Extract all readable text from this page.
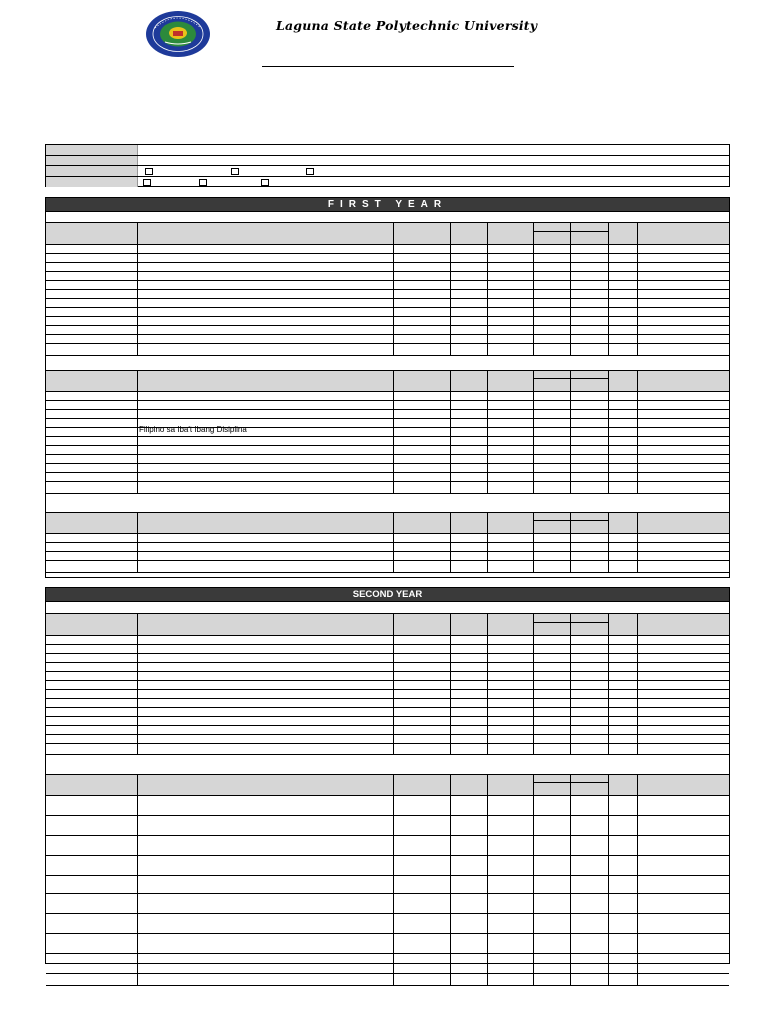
Laguna State Polytechnic University
FIRST YEAR
Filipino sa Iba't Ibang Disiplina
SECOND YEAR
